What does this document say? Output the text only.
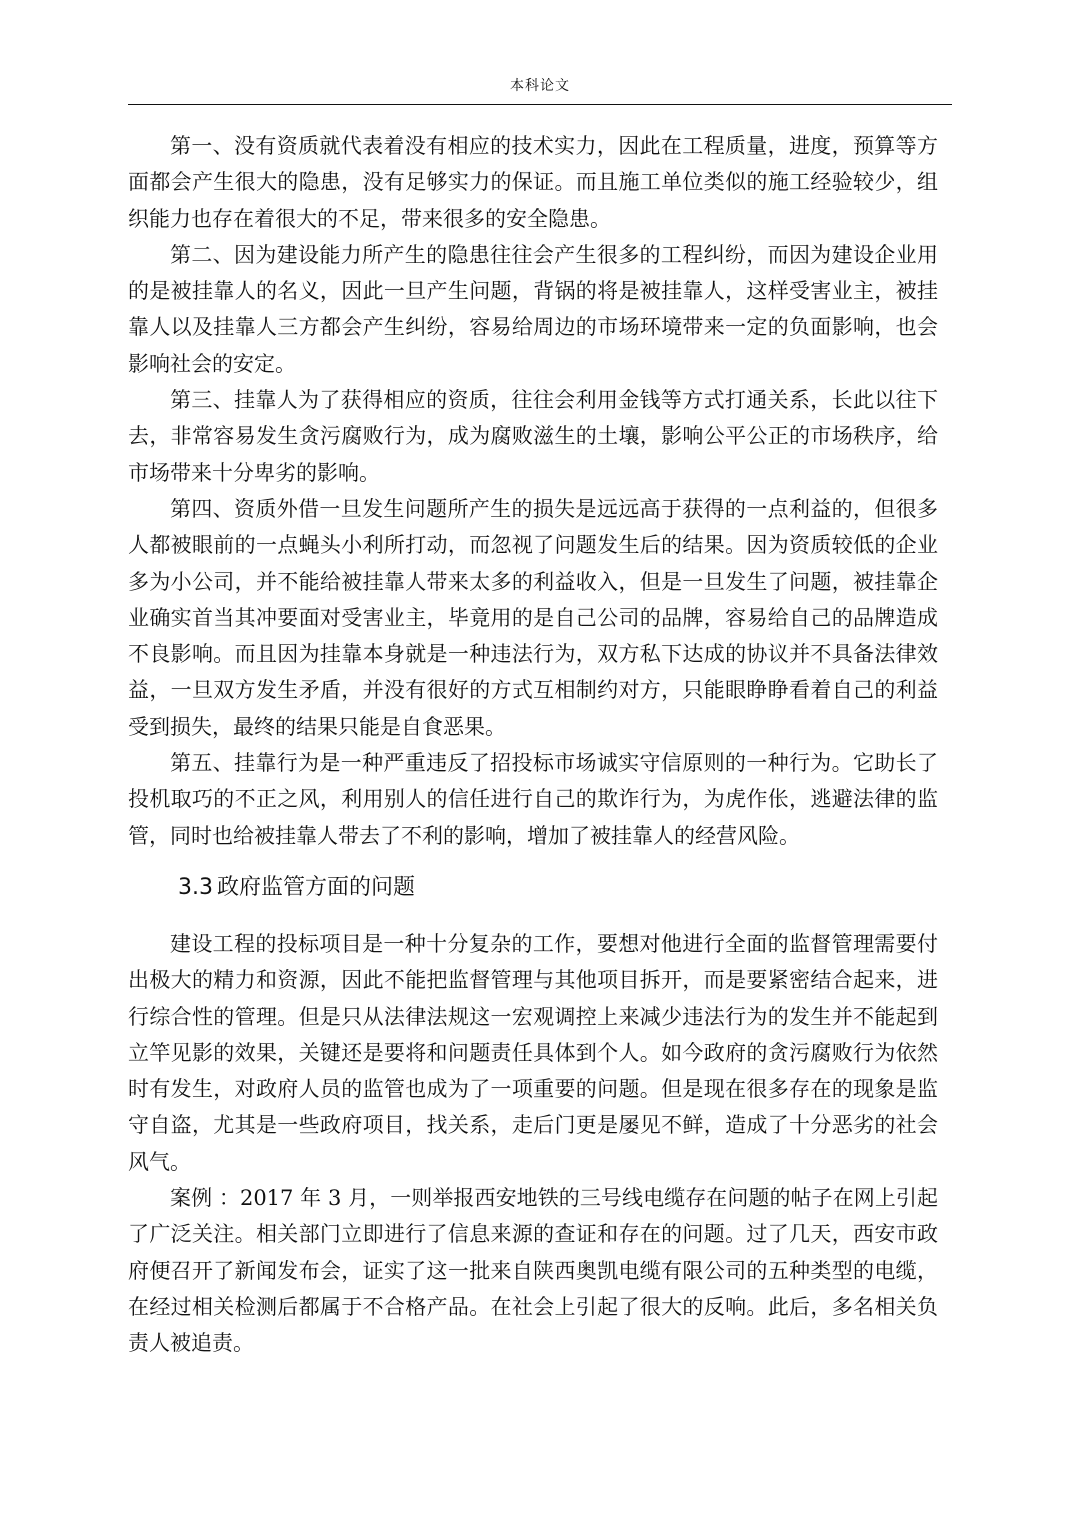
本科论文

第一、没有资质就代表着没有相应的技术实力，因此在工程质量，进度，预算等方面都会产生很大的隐患，没有足够实力的保证。而且施工单位类似的施工经验较少，组织能力也存在着很大的不足，带来很多的安全隐患。

第二、因为建设能力所产生的隐患往往会产生很多的工程纠纷，而因为建设企业用的是被挂靠人的名义，因此一旦产生问题，背锅的将是被挂靠人，这样受害业主，被挂靠人以及挂靠人三方都会产生纠纷，容易给周边的市场环境带来一定的负面影响，也会影响社会的安定。

第三、挂靠人为了获得相应的资质，往往会利用金钱等方式打通关系，长此以往下去，非常容易发生贪污腐败行为，成为腐败滋生的土壤，影响公平公正的市场秩序，给市场带来十分卑劣的影响。

第四、资质外借一旦发生问题所产生的损失是远远高于获得的一点利益的，但很多人都被眼前的一点蝇头小利所打动，而忽视了问题发生后的结果。因为资质较低的企业多为小公司，并不能给被挂靠人带来太多的利益收入，但是一旦发生了问题，被挂靠企业确实首当其冲要面对受害业主，毕竟用的是自己公司的品牌，容易给自己的品牌造成不良影响。而且因为挂靠本身就是一种违法行为，双方私下达成的协议并不具备法律效益，一旦双方发生矛盾，并没有很好的方式互相制约对方，只能眼睁睁看着自己的利益受到损失，最终的结果只能是自食恶果。

第五、挂靠行为是一种严重违反了招投标市场诚实守信原则的一种行为。它助长了投机取巧的不正之风，利用别人的信任进行自己的欺诈行为，为虎作伥，逃避法律的监管，同时也给被挂靠人带去了不利的影响，增加了被挂靠人的经营风险。

3.3 政府监管方面的问题

建设工程的投标项目是一种十分复杂的工作，要想对他进行全面的监督管理需要付出极大的精力和资源，因此不能把监督管理与其他项目拆开，而是要紧密结合起来，进行综合性的管理。但是只从法律法规这一宏观调控上来减少违法行为的发生并不能起到立竿见影的效果，关键还是要将和问题责任具体到个人。如今政府的贪污腐败行为依然时有发生，对政府人员的监管也成为了一项重要的问题。但是现在很多存在的现象是监守自盗，尤其是一些政府项目，找关系，走后门更是屡见不鲜，造成了十分恶劣的社会风气。

案例 ：2017 年 3 月，一则举报西安地铁的三号线电缆存在问题的帖子在网上引起了广泛关注。相关部门立即进行了信息来源的查证和存在的问题。过了几天，西安市政府便召开了新闻发布会，证实了这一批来自陕西奥凯电缆有限公司的五种类型的电缆，在经过相关检测后都属于不合格产品。在社会上引起了很大的反响。此后，多名相关负责人被追责。
